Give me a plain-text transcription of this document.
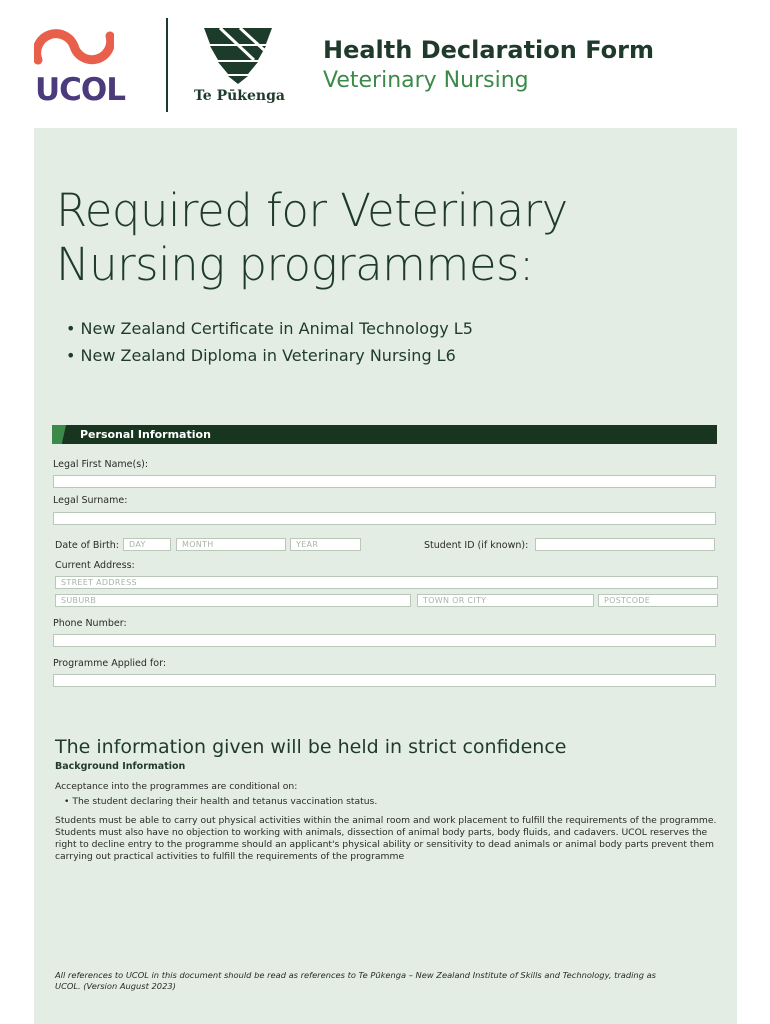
UCOL	Te Pūkenga
Health Declaration Form
Veterinary Nursing
Required for Veterinary Nursing programmes:
• New Zealand Certificate in Animal Technology L5
• New Zealand Diploma in Veterinary Nursing L6
Personal Information
Legal First Name(s):
Legal Surname:
Date of Birth:	DAY	MONTH	YEAR	Student ID (if known):
Current Address:
STREET ADDRESS
SUBURB	TOWN OR CITY	POSTCODE
Phone Number:
Programme Applied for:
The information given will be held in strict confidence
Background Information
Acceptance into the programmes are conditional on:
• The student declaring their health and tetanus vaccination status.
Students must be able to carry out physical activities within the animal room and work placement to fulfill the requirements of the programme. Students must also have no objection to working with animals, dissection of animal body parts, body fluids, and cadavers. UCOL reserves the right to decline entry to the programme should an applicant's physical ability or sensitivity to dead animals or animal body parts prevent them carrying out practical activities to fulfill the requirements of the programme
All references to UCOL in this document should be read as references to Te Pūkenga – New Zealand Institute of Skills and Technology, trading as UCOL. (Version August 2023)
